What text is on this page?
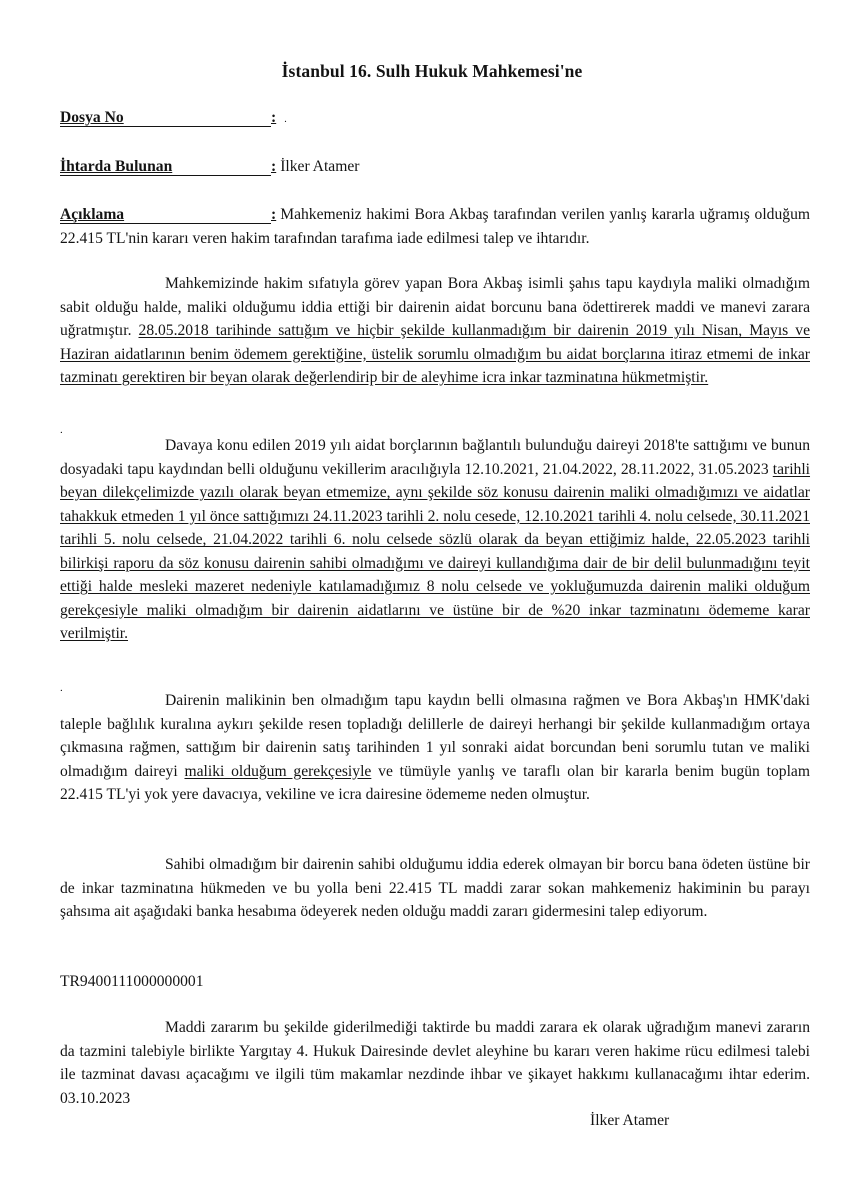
İstanbul 16. Sulh Hukuk Mahkemesi'ne
Dosya No	: .
İhtarda Bulunan	: İlker Atamer
Açıklama	: Mahkemeniz hakimi Bora Akbaş tarafından verilen yanlış kararla uğramış olduğum 22.415 TL'nin kararı veren hakim tarafından tarafıma iade edilmesi talep ve ihtarıdır.
Mahkemizinde hakim sıfatıyla görev yapan Bora Akbaş isimli şahıs tapu kaydıyla maliki olmadığım sabit olduğu halde, maliki olduğumu iddia ettiği bir dairenin aidat borcunu bana ödettirerek maddi ve manevi zarara uğratmıştır. 28.05.2018 tarihinde sattığım ve hiçbir şekilde kullanmadığım bir dairenin 2019 yılı Nisan, Mayıs ve Haziran aidatlarının benim ödemem gerektiğine, üstelik sorumlu olmadığım bu aidat borçlarına itiraz etmemi de inkar tazminatı gerektiren bir beyan olarak değerlendirip bir de aleyhime icra inkar tazminatına hükmetmiştir.
.
Davaya konu edilen 2019 yılı aidat borçlarının bağlantılı bulunduğu daireyi 2018'te sattığımı ve bunun dosyadaki tapu kaydından belli olduğunu vekillerim aracılığıyla 12.10.2021, 21.04.2022, 28.11.2022, 31.05.2023 tarihli beyan dilekçelimizde yazılı olarak beyan etmemize, aynı şekilde söz konusu dairenin maliki olmadığımızı ve aidatlar tahakkuk etmeden 1 yıl önce sattığımızı 24.11.2023 tarihli 2. nolu cesede, 12.10.2021 tarihli 4. nolu celsede, 30.11.2021 tarihli 5. nolu celsede, 21.04.2022 tarihli 6. nolu celsede sözlü olarak da beyan ettiğimiz halde, 22.05.2023 tarihli bilirkişi raporu da söz konusu dairenin sahibi olmadığımı ve daireyi kullandığıma dair de bir delil bulunmadığını teyit ettiği halde mesleki mazeret nedeniyle katılamadığımız 8 nolu celsede ve yokluğumuzda dairenin maliki olduğum gerekçesiyle maliki olmadığım bir dairenin aidatlarını ve üstüne bir de %20 inkar tazminatını ödememe karar verilmiştir.
.
Dairenin malikinin ben olmadığım tapu kaydın belli olmasına rağmen ve Bora Akbaş'ın HMK'daki taleple bağlılık kuralına aykırı şekilde resen topladığı delillerle de daireyi herhangi bir şekilde kullanmadığım ortaya çıkmasına rağmen, sattığım bir dairenin satış tarihinden 1 yıl sonraki aidat borcundan beni sorumlu tutan ve maliki olmadığım daireyi maliki olduğum gerekçesiyle ve tümüyle yanlış ve taraflı olan bir kararla benim bugün toplam 22.415 TL'yi yok yere davacıya, vekiline ve icra dairesine ödememe neden olmuştur.
Sahibi olmadığım bir dairenin sahibi olduğumu iddia ederek olmayan bir borcu bana ödeten üstüne bir de inkar tazminatına hükmeden ve bu yolla beni 22.415 TL maddi zarar sokan mahkemeniz hakiminin bu parayı şahsıma ait aşağıdaki banka hesabıma ödeyerek neden olduğu maddi zararı gidermesini talep ediyorum.
TR9400111000000001
Maddi zararım bu şekilde giderilmediği taktirde bu maddi zarara ek olarak uğradığım manevi zararın da tazmini talebiyle birlikte Yargıtay 4. Hukuk Dairesinde devlet aleyhine bu kararı veren hakime rücu edilmesi talebi ile tazminat davası açacağımı ve ilgili tüm makamlar nezdinde ihbar ve şikayet hakkımı kullanacağımı ihtar ederim. 03.10.2023
İlker Atamer
